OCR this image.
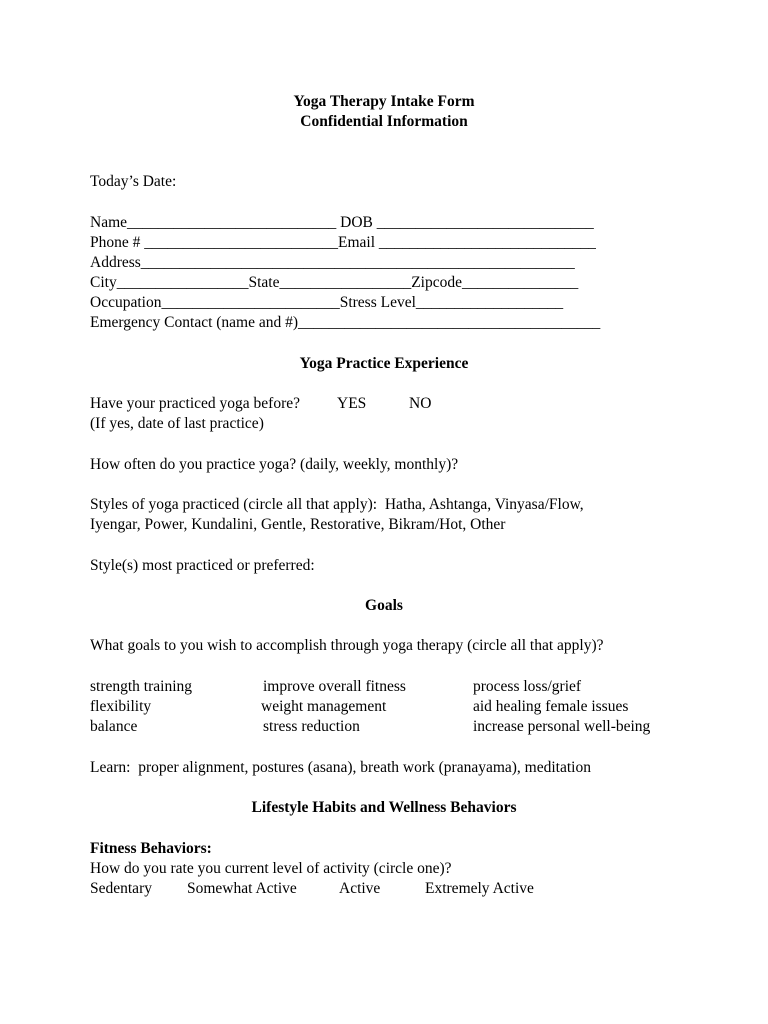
Yoga Therapy Intake Form
Confidential Information
Today’s Date:
Name___________________________ DOB ____________________________
Phone # _________________________Email ____________________________
Address________________________________________________________
City_________________State_________________Zipcode_______________
Occupation_______________________Stress Level___________________
Emergency Contact (name and #)_______________________________________
Yoga Practice Experience
Have your practiced yoga before? YES	NO
(If yes, date of last practice)
How often do you practice yoga? (daily, weekly, monthly)?
Styles of yoga practiced (circle all that apply):  Hatha, Ashtanga, Vinyasa/Flow,
Iyengar, Power, Kundalini, Gentle, Restorative, Bikram/Hot, Other
Style(s) most practiced or preferred:
Goals
What goals to you wish to accomplish through yoga therapy (circle all that apply)?
strength training	improve overall fitness	process loss/grief
flexibility	weight management	aid healing female issues
balance	stress reduction	increase personal well-being
Learn:  proper alignment, postures (asana), breath work (pranayama), meditation
Lifestyle Habits and Wellness Behaviors
Fitness Behaviors:
How do you rate you current level of activity (circle one)?
Sedentary Somewhat Active	Active	Extremely Active
